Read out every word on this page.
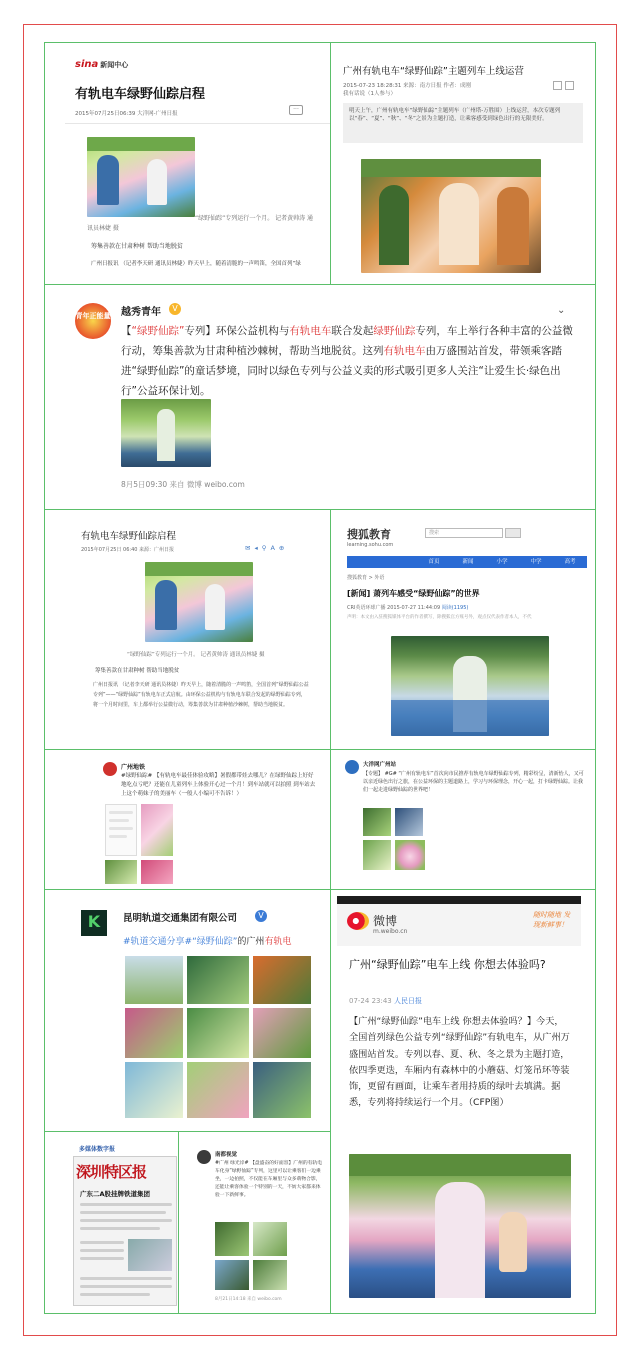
sina 新闻中心
有轨电车绿野仙踪启程
2015年07月25日06:39 大洋网-广州日报
···
“绿野仙踪”专列运行一个月。 记者黄帅涛 通
讯员林婕 摄
筹集善款在甘肃种树 帮助当地脱贫
广州日报讯 （记者李天研 通讯员林婕）昨天早上，随着清脆的一声鸣笛，全国首列“绿
广州有轨电车“绿野仙踪”主题列车上线运营
2015-07-23 18:28:31 来源：南方日报 作者：成刚
我有话说（1人参与）
明天上午，广州有轨电车“绿野仙踪”主题列车（广州塔-万胜围）上线运营，本次专题列以“春”、“夏”、“秋”、“冬”之景为主题打造，让乘客感受到绿色出行的无限美好。
青年正能量 越秀青年	V	⌄
【“绿野仙踪”专列】环保公益机构与有轨电车联合发起绿野仙踪专列，车上举行各种丰富的公益微行动，筹集善款为甘肃种植沙棘树，帮助当地脱贫。这列有轨电车由万盛围站首发，带领乘客踏进“绿野仙踪”的童话梦境，同时以绿色专列与公益义卖的形式吸引更多人关注“让爱生长·绿色出行”公益环保计划。
8月5日09:30 来自 微博 weibo.com
有轨电车绿野仙踪启程
2015年07月25日 06:40 来源：广州日报	✉◂⚲A⊕
“绿野仙踪”专列运行一个月。 记者黄帅涛 通讯员林婕 摄
筹集善款在甘肃种树 帮助当地脱贫
广州日报讯 （记者李天研 通讯员林婕）昨天早上，随着清脆的一声鸣笛，全国首列“绿野仙踪公益专列”——“绿野仙踪”有轨电车正式启航。由环保公益机构与有轨电车联合发起的绿野仙踪专列，将一个月时间里，车上都举行公益微行动，筹集善款为甘肃种植沙棘树，帮助当地脱贫。
搜狐教育
learning.sohu.com
搜索
首页	新闻	小学	中学	高考
搜狐教育 > 外语
[新闻] 萧列车感受“绿野仙踪”的世界
CRI英语环球广播 2015-07-27 11:44:09 阅读(1195)
声明：本文由入驻搜狐媒体平台的作者撰写，除搜狐官方账号外，观点仅代表作者本人，不代
广州地铁
#绿野仙踪# 【有轨电车最佳体验攻略】暑假都带娃去哪儿？在绿野仙踪上好好地吃点亏吧？还能在儿童列车上体验开心过一个月！到车站就可以拍照 到车站去 上这个萌妹子的美丽车（一般人小编可不告诉！）
大洋网广州站
【专题】 #G# “广州有轨电车”首次向市民推荐有轨电车绿野仙踪专列，精彩纷呈，清新怡人，又可以亲近绿色出行之旅，在公益环保的主题道路上，学习与环保理念，开心一起，打卡绿野仙踪。让我们一起走进绿野仙踪的世界吧！
K	昆明轨道交通集团有限公司	V
#轨道交通分享#“绿野仙踪”的广州有轨电
微博
m.weibo.cn
随时随地 发现新鲜事！
广州“绿野仙踪”电车上线 你想去体验吗?
07-24 23:43 人民日报
【广州“绿野仙踪”电车上线 你想去体验吗？】今天，全国首列绿色公益专列“绿野仙踪”有轨电车，从广州万盛围站首发。专列以春、夏、秋、冬之景为主题打造，依四季更迭，车厢内有森林中的小蘑菇、灯笼吊环等装饰，更留有画面，让乘车者用持质的绿叶去填满。据悉，专列将持续运行一个月。（CFP图）
多媒体数字报
深圳特区报
广东二A股挂牌铁道集团
南都视觉
#广州 绿光岸# 【盘盛奋的好面容】广州的有轨电车化身“绿野仙踪”专列，这里可以让乘客们一边乘坐，一边拍照，不仅能在车厢里与众多萌物合影，还能让乘客体验一个特别的一天，不妨大家都来体验一下新鲜事。
8月21日14:18 来自 weibo.com
